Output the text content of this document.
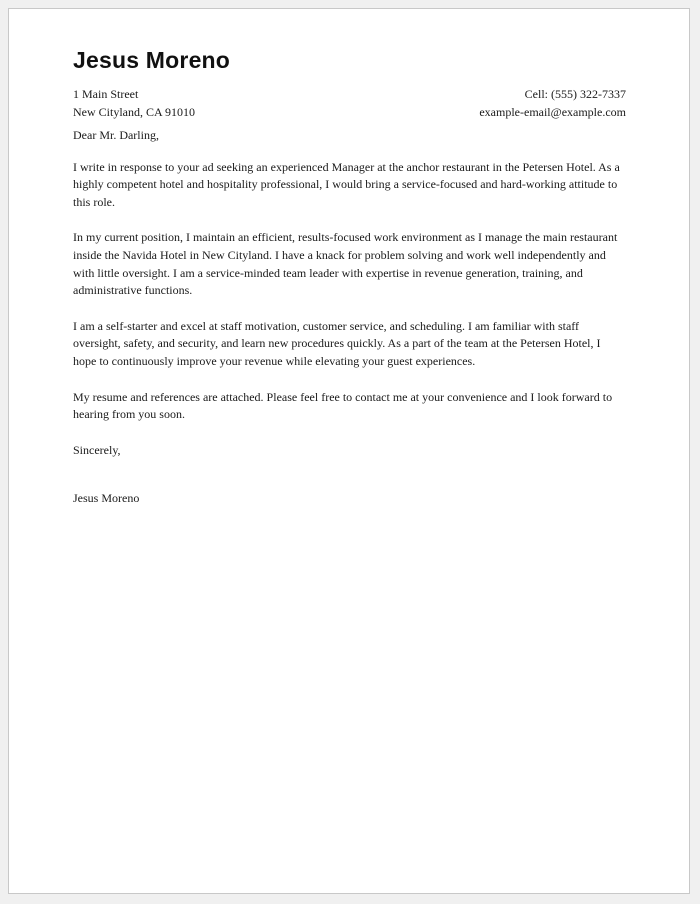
Jesus Moreno
1 Main Street	Cell: (555) 322-7337
New Cityland, CA 91010	example-email@example.com

Dear Mr. Darling,

I write in response to your ad seeking an experienced Manager at the anchor restaurant in the Petersen Hotel. As a highly competent hotel and hospitality professional, I would bring a service-focused and hard-working attitude to this role.

In my current position, I maintain an efficient, results-focused work environment as I manage the main restaurant inside the Navida Hotel in New Cityland. I have a knack for problem solving and work well independently and with little oversight. I am a service-minded team leader with expertise in revenue generation, training, and administrative functions.

I am a self-starter and excel at staff motivation, customer service, and scheduling. I am familiar with staff oversight, safety, and security, and learn new procedures quickly. As a part of the team at the Petersen Hotel, I hope to continuously improve your revenue while elevating your guest experiences.

My resume and references are attached. Please feel free to contact me at your convenience and I look forward to hearing from you soon.

Sincerely,

Jesus Moreno
